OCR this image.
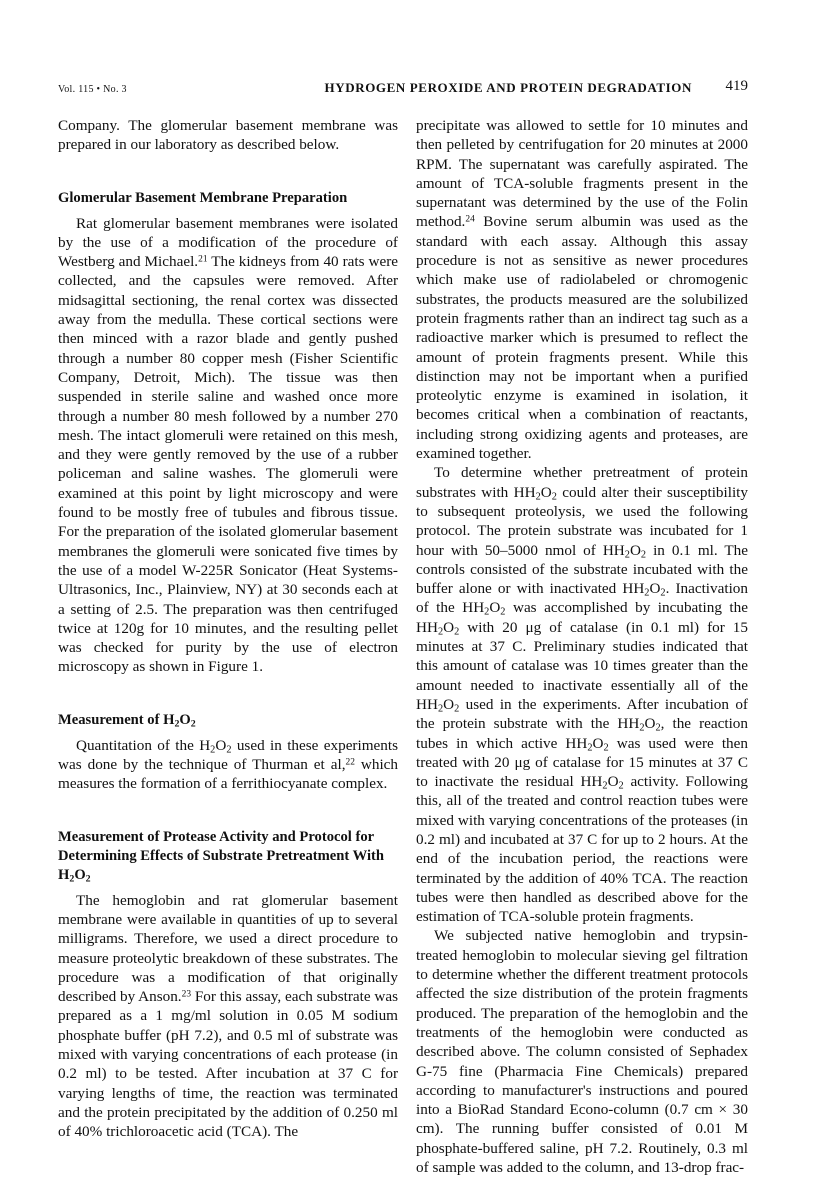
Vol. 115 • No. 3	HYDROGEN PEROXIDE AND PROTEIN DEGRADATION 419

Company. The glomerular basement membrane was prepared in our laboratory as described below.

Glomerular Basement Membrane Preparation

Rat glomerular basement membranes were isolated by the use of a modification of the procedure of Westberg and Michael.$^{21}$ The kidneys from 40 rats were collected, and the capsules were removed. After midsagittal sectioning, the renal cortex was dissected away from the medulla. These cortical sections were then minced with a razor blade and gently pushed through a number 80 copper mesh (Fisher Scientific Company, Detroit, Mich). The tissue was then suspended in sterile saline and washed once more through a number 80 mesh followed by a number 270 mesh. The intact glomeruli were retained on this mesh, and they were gently removed by the use of a rubber policeman and saline washes. The glomeruli were examined at this point by light microscopy and were found to be mostly free of tubules and fibrous tissue. For the preparation of the isolated glomerular basement membranes the glomeruli were sonicated five times by the use of a model W-225R Sonicator (Heat Systems-Ultrasonics, Inc., Plainview, NY) at 30 seconds each at a setting of 2.5. The preparation was then centrifuged twice at 120g for 10 minutes, and the resulting pellet was checked for purity by the use of electron microscopy as shown in Figure 1.

Measurement of $H_2O_2$

Quantitation of the $H_2O_2$ used in these experiments was done by the technique of Thurman et al,$^{22}$ which measures the formation of a ferrithiocyanate complex.

Measurement of Protease Activity and Protocol for Determining Effects of Substrate Pretreatment With $H_2O_2$

The hemoglobin and rat glomerular basement membrane were available in quantities of up to several milligrams. Therefore, we used a direct procedure to measure proteolytic breakdown of these substrates. The procedure was a modification of that originally described by Anson.$^{23}$ For this assay, each substrate was prepared as a 1 mg/ml solution in 0.05 M sodium phosphate buffer (pH 7.2), and 0.5 ml of substrate was mixed with varying concentrations of each protease (in 0.2 ml) to be tested. After incubation at 37 C for varying lengths of time, the reaction was terminated and the protein precipitated by the addition of 0.250 ml of 40% trichloroacetic acid (TCA). The

precipitate was allowed to settle for 10 minutes and then pelleted by centrifugation for 20 minutes at 2000 RPM. The supernatant was carefully aspirated. The amount of TCA-soluble fragments present in the supernatant was determined by the use of the Folin method.$^{24}$ Bovine serum albumin was used as the standard with each assay. Although this assay procedure is not as sensitive as newer procedures which make use of radiolabeled or chromogenic substrates, the products measured are the solubilized protein fragments rather than an indirect tag such as a radioactive marker which is presumed to reflect the amount of protein fragments present. While this distinction may not be important when a purified proteolytic enzyme is examined in isolation, it becomes critical when a combination of reactants, including strong oxidizing agents and proteases, are examined together.

To determine whether pretreatment of protein substrates with $HH_2O_2$ could alter their susceptibility to subsequent proteolysis, we used the following protocol. The protein substrate was incubated for 1 hour with 50–5000 nmol of $HH_2O_2$ in 0.1 ml. The controls consisted of the substrate incubated with the buffer alone or with inactivated $HH_2O_2$. Inactivation of the $HH_2O_2$ was accomplished by incubating the $HH_2O_2$ with 20 μg of catalase (in 0.1 ml) for 15 minutes at 37 C. Preliminary studies indicated that this amount of catalase was 10 times greater than the amount needed to inactivate essentially all of the $HH_2O_2$ used in the experiments. After incubation of the protein substrate with the $HH_2O_2$, the reaction tubes in which active $HH_2O_2$ was used were then treated with 20 μg of catalase for 15 minutes at 37 C to inactivate the residual $HH_2O_2$ activity. Following this, all of the treated and control reaction tubes were mixed with varying concentrations of the proteases (in 0.2 ml) and incubated at 37 C for up to 2 hours. At the end of the incubation period, the reactions were terminated by the addition of 40% TCA. The reaction tubes were then handled as described above for the estimation of TCA-soluble protein fragments.

We subjected native hemoglobin and trypsin-treated hemoglobin to molecular sieving gel filtration to determine whether the different treatment protocols affected the size distribution of the protein fragments produced. The preparation of the hemoglobin and the treatments of the hemoglobin were conducted as described above. The column consisted of Sephadex G-75 fine (Pharmacia Fine Chemicals) prepared according to manufacturer's instructions and poured into a BioRad Standard Econo-column (0.7 cm × 30 cm). The running buffer consisted of 0.01 M phosphate-buffered saline, pH 7.2. Routinely, 0.3 ml of sample was added to the column, and 13-drop frac-
